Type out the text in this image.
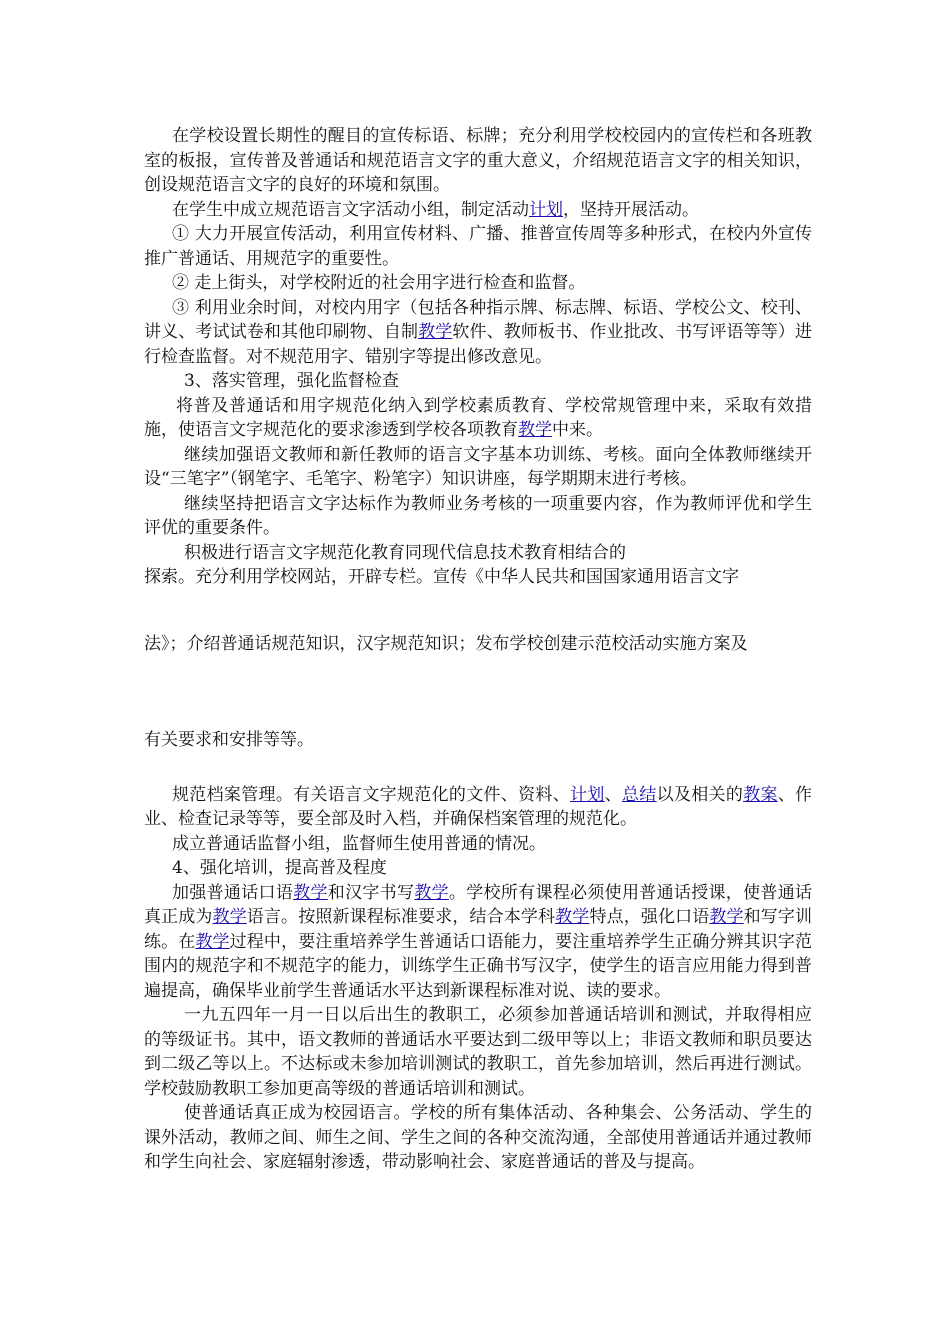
在学校设置长期性的醒目的宣传标语、标牌；充分利用学校校园内的宣传栏和各班教室的板报，宣传普及普通话和规范语言文字的重大意义，介绍规范语言文字的相关知识，创设规范语言文字的良好的环境和氛围。

在学生中成立规范语言文字活动小组，制定活动计划，坚持开展活动。

① 大力开展宣传活动，利用宣传材料、广播、推普宣传周等多种形式，在校内外宣传推广普通话、用规范字的重要性。

② 走上街头，对学校附近的社会用字进行检查和监督。

③ 利用业余时间，对校内用字（包括各种指示牌、标志牌、标语、学校公文、校刊、讲义、考试试卷和其他印刷物、自制教学软件、教师板书、作业批改、书写评语等等）进行检查监督。对不规范用字、错别字等提出修改意见。

3、落实管理，强化监督检查

将普及普通话和用字规范化纳入到学校素质教育、学校常规管理中来，采取有效措施，使语言文字规范化的要求渗透到学校各项教育教学中来。

继续加强语文教师和新任教师的语言文字基本功训练、考核。面向全体教师继续开设“三笔字”（钢笔字、毛笔字、粉笔字）知识讲座，每学期期末进行考核。

继续坚持把语言文字达标作为教师业务考核的一项重要内容，作为教师评优和学生评优的重要条件。

积极进行语言文字规范化教育同现代信息技术教育相结合的

探索。充分利用学校网站，开辟专栏。宣传《中华人民共和国国家通用语言文字

法》；介绍普通话规范知识，汉字规范知识；发布学校创建示范校活动实施方案及

有关要求和安排等等。

规范档案管理。有关语言文字规范化的文件、资料、计划、总结以及相关的教案、作业、检查记录等等，要全部及时入档，并确保档案管理的规范化。

成立普通话监督小组，监督师生使用普通的情况。

4、强化培训，提高普及程度

加强普通话口语教学和汉字书写教学。学校所有课程必须使用普通话授课，使普通话真正成为教学语言。按照新课程标准要求，结合本学科教学特点，强化口语教学和写字训练。在教学过程中，要注重培养学生普通话口语能力，要注重培养学生正确分辨其识字范围内的规范字和不规范字的能力，训练学生正确书写汉字，使学生的语言应用能力得到普遍提高，确保毕业前学生普通话水平达到新课程标准对说、读的要求。

一九五四年一月一日以后出生的教职工，必须参加普通话培训和测试，并取得相应的等级证书。其中，语文教师的普通话水平要达到二级甲等以上；非语文教师和职员要达到二级乙等以上。不达标或未参加培训测试的教职工，首先参加培训，然后再进行测试。学校鼓励教职工参加更高等级的普通话培训和测试。

使普通话真正成为校园语言。学校的所有集体活动、各种集会、公务活动、学生的课外活动，教师之间、师生之间、学生之间的各种交流沟通，全部使用普通话并通过教师和学生向社会、家庭辐射渗透，带动影响社会、家庭普通话的普及与提高。
